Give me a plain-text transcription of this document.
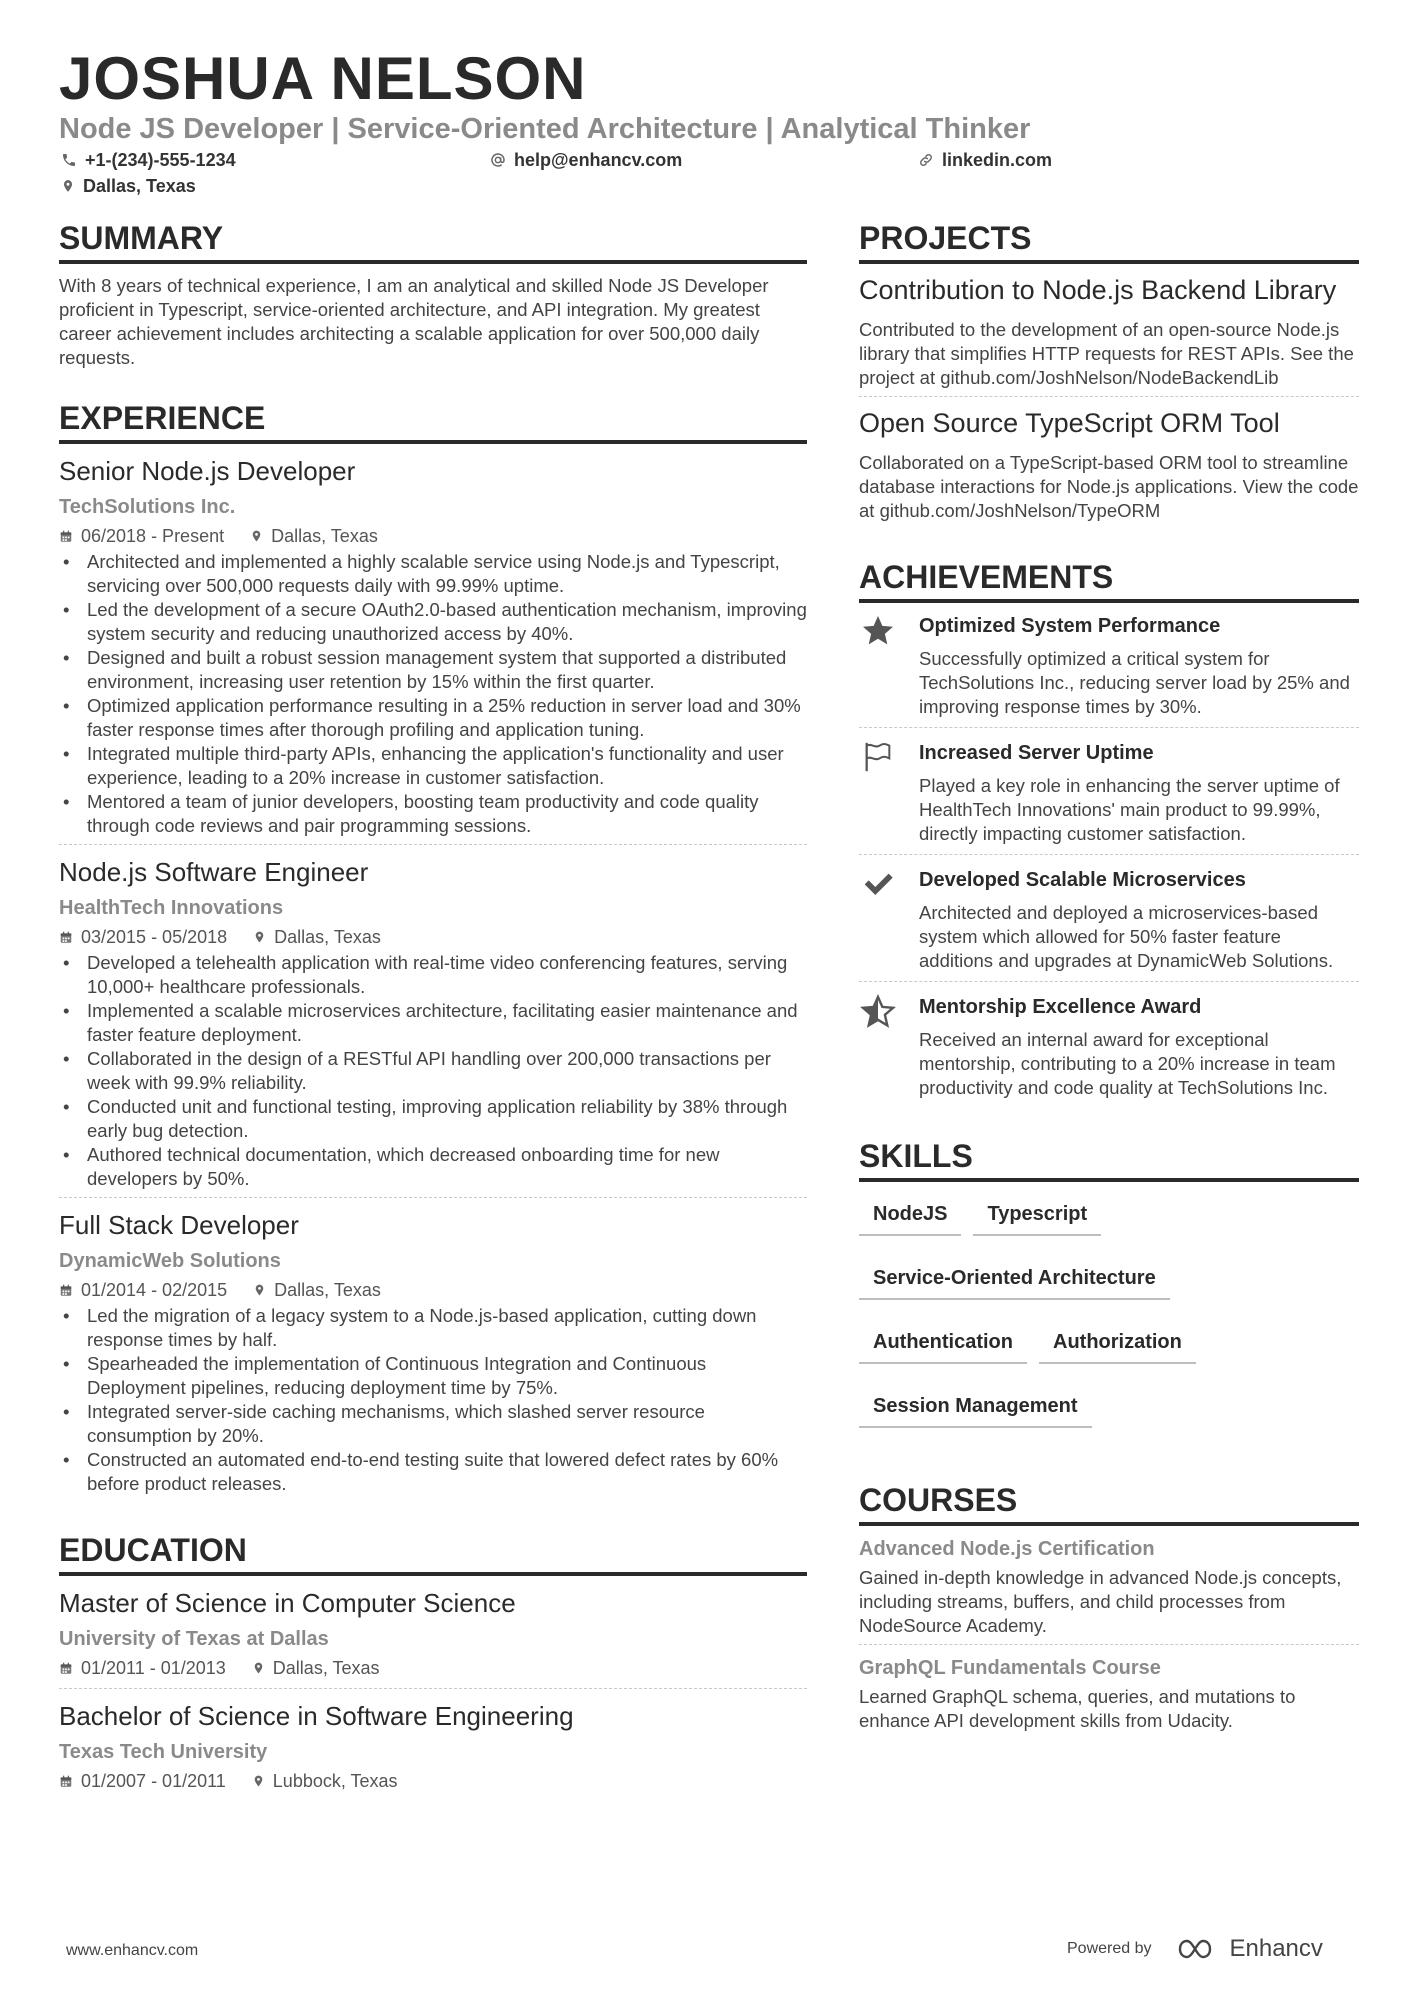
JOSHUA NELSON
Node JS Developer | Service-Oriented Architecture | Analytical Thinker
+1-(234)-555-1234	help@enhancv.com	linkedin.com
Dallas, Texas
SUMMARY
With 8 years of technical experience, I am an analytical and skilled Node JS Developer proficient in Typescript, service-oriented architecture, and API integration. My greatest career achievement includes architecting a scalable application for over 500,000 daily requests.
EXPERIENCE
Senior Node.js Developer
TechSolutions Inc.
06/2018 - Present	Dallas, Texas
• Architected and implemented a highly scalable service using Node.js and Typescript, servicing over 500,000 requests daily with 99.99% uptime.
• Led the development of a secure OAuth2.0-based authentication mechanism, improving system security and reducing unauthorized access by 40%.
• Designed and built a robust session management system that supported a distributed environment, increasing user retention by 15% within the first quarter.
• Optimized application performance resulting in a 25% reduction in server load and 30% faster response times after thorough profiling and application tuning.
• Integrated multiple third-party APIs, enhancing the application's functionality and user experience, leading to a 20% increase in customer satisfaction.
• Mentored a team of junior developers, boosting team productivity and code quality through code reviews and pair programming sessions.
Node.js Software Engineer
HealthTech Innovations
03/2015 - 05/2018	Dallas, Texas
• Developed a telehealth application with real-time video conferencing features, serving 10,000+ healthcare professionals.
• Implemented a scalable microservices architecture, facilitating easier maintenance and faster feature deployment.
• Collaborated in the design of a RESTful API handling over 200,000 transactions per week with 99.9% reliability.
• Conducted unit and functional testing, improving application reliability by 38% through early bug detection.
• Authored technical documentation, which decreased onboarding time for new developers by 50%.
Full Stack Developer
DynamicWeb Solutions
01/2014 - 02/2015	Dallas, Texas
• Led the migration of a legacy system to a Node.js-based application, cutting down response times by half.
• Spearheaded the implementation of Continuous Integration and Continuous Deployment pipelines, reducing deployment time by 75%.
• Integrated server-side caching mechanisms, which slashed server resource consumption by 20%.
• Constructed an automated end-to-end testing suite that lowered defect rates by 60% before product releases.
EDUCATION
Master of Science in Computer Science
University of Texas at Dallas
01/2011 - 01/2013	Dallas, Texas
Bachelor of Science in Software Engineering
Texas Tech University
01/2007 - 01/2011	Lubbock, Texas
PROJECTS
Contribution to Node.js Backend Library
Contributed to the development of an open-source Node.js library that simplifies HTTP requests for REST APIs. See the project at github.com/JoshNelson/NodeBackendLib
Open Source TypeScript ORM Tool
Collaborated on a TypeScript-based ORM tool to streamline database interactions for Node.js applications. View the code at github.com/JoshNelson/TypeORM
ACHIEVEMENTS
Optimized System Performance
Successfully optimized a critical system for TechSolutions Inc., reducing server load by 25% and improving response times by 30%.
Increased Server Uptime
Played a key role in enhancing the server uptime of HealthTech Innovations' main product to 99.99%, directly impacting customer satisfaction.
Developed Scalable Microservices
Architected and deployed a microservices-based system which allowed for 50% faster feature additions and upgrades at DynamicWeb Solutions.
Mentorship Excellence Award
Received an internal award for exceptional mentorship, contributing to a 20% increase in team productivity and code quality at TechSolutions Inc.
SKILLS
NodeJS	Typescript
Service-Oriented Architecture
Authentication	Authorization
Session Management
COURSES
Advanced Node.js Certification
Gained in-depth knowledge in advanced Node.js concepts, including streams, buffers, and child processes from NodeSource Academy.
GraphQL Fundamentals Course
Learned GraphQL schema, queries, and mutations to enhance API development skills from Udacity.
www.enhancv.com	Powered by	Enhancv
